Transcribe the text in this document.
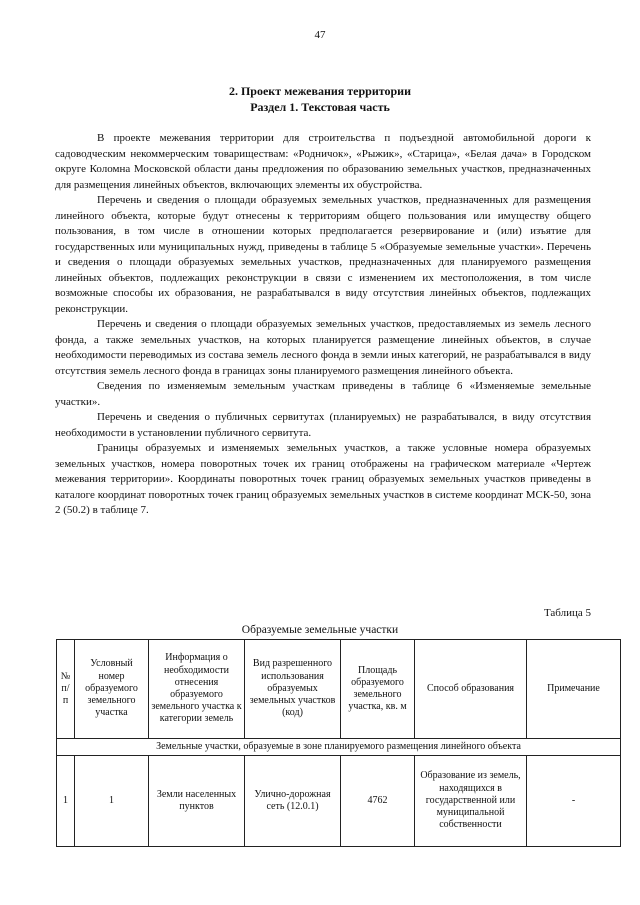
47
2. Проект межевания территории
Раздел 1. Текстовая часть

В проекте межевания территории для строительства п подъездной автомобильной дороги к садоводческим некоммерческим товариществам: «Родничок», «Рыжик», «Старица», «Белая дача» в Городском округе Коломна Московской области даны предложения по образованию земельных участков, предназначенных для размещения линейных объектов, включающих элементы их обустройства.

Перечень и сведения о площади образуемых земельных участков, предназначенных для размещения линейного объекта, которые будут отнесены к территориям общего пользования или имуществу общего пользования, в том числе в отношении которых предполагается резервирование и (или) изъятие для государственных или муниципальных нужд, приведены в таблице 5 «Образуемые земельные участки». Перечень и сведения о площади образуемых земельных участков, предназначенных для планируемого размещения линейных объектов, подлежащих реконструкции в связи с изменением их местоположения, в том числе возможные способы их образования, не разрабатывался в виду отсутствия линейных объектов, подлежащих реконструкции.

Перечень и сведения о площади образуемых земельных участков, предоставляемых из земель лесного фонда, а также земельных участков, на которых планируется размещение линейных объектов, в случае необходимости переводимых из состава земель лесного фонда в земли иных категорий, не разрабатывался в виду отсутствия земель лесного фонда в границах зоны планируемого размещения линейного объекта.

Сведения по изменяемым земельным участкам приведены в таблице 6 «Изменяемые земельные участки».

Перечень и сведения о публичных сервитутах (планируемых) не разрабатывался, в виду отсутствия необходимости в установлении публичного сервитута.

Границы образуемых и изменяемых земельных участков, а также условные номера образуемых земельных участков, номера поворотных точек их границ отображены на графическом материале «Чертеж межевания территории». Координаты поворотных точек границ образуемых земельных участков приведены в каталоге координат поворотных точек границ образуемых земельных участков в системе координат МСК-50, зона 2 (50.2) в таблице 7.

Таблица 5
Образуемые земельные участки
№ п/п	Условный номер образуемого земельного участка	Информация о необходимости отнесения образуемого земельного участка к категории земель	Вид разрешенного использования образуемых земельных участков (код)	Площадь образуемого земельного участка, кв. м	Способ образования	Примечание
Земельные участки, образуемые в зоне планируемого размещения линейного объекта						
1	1	Земли населенных пунктов	Улично-дорожная сеть (12.0.1)	4762	Образование из земель, находящихся в государственной или муниципальной собственности	-
